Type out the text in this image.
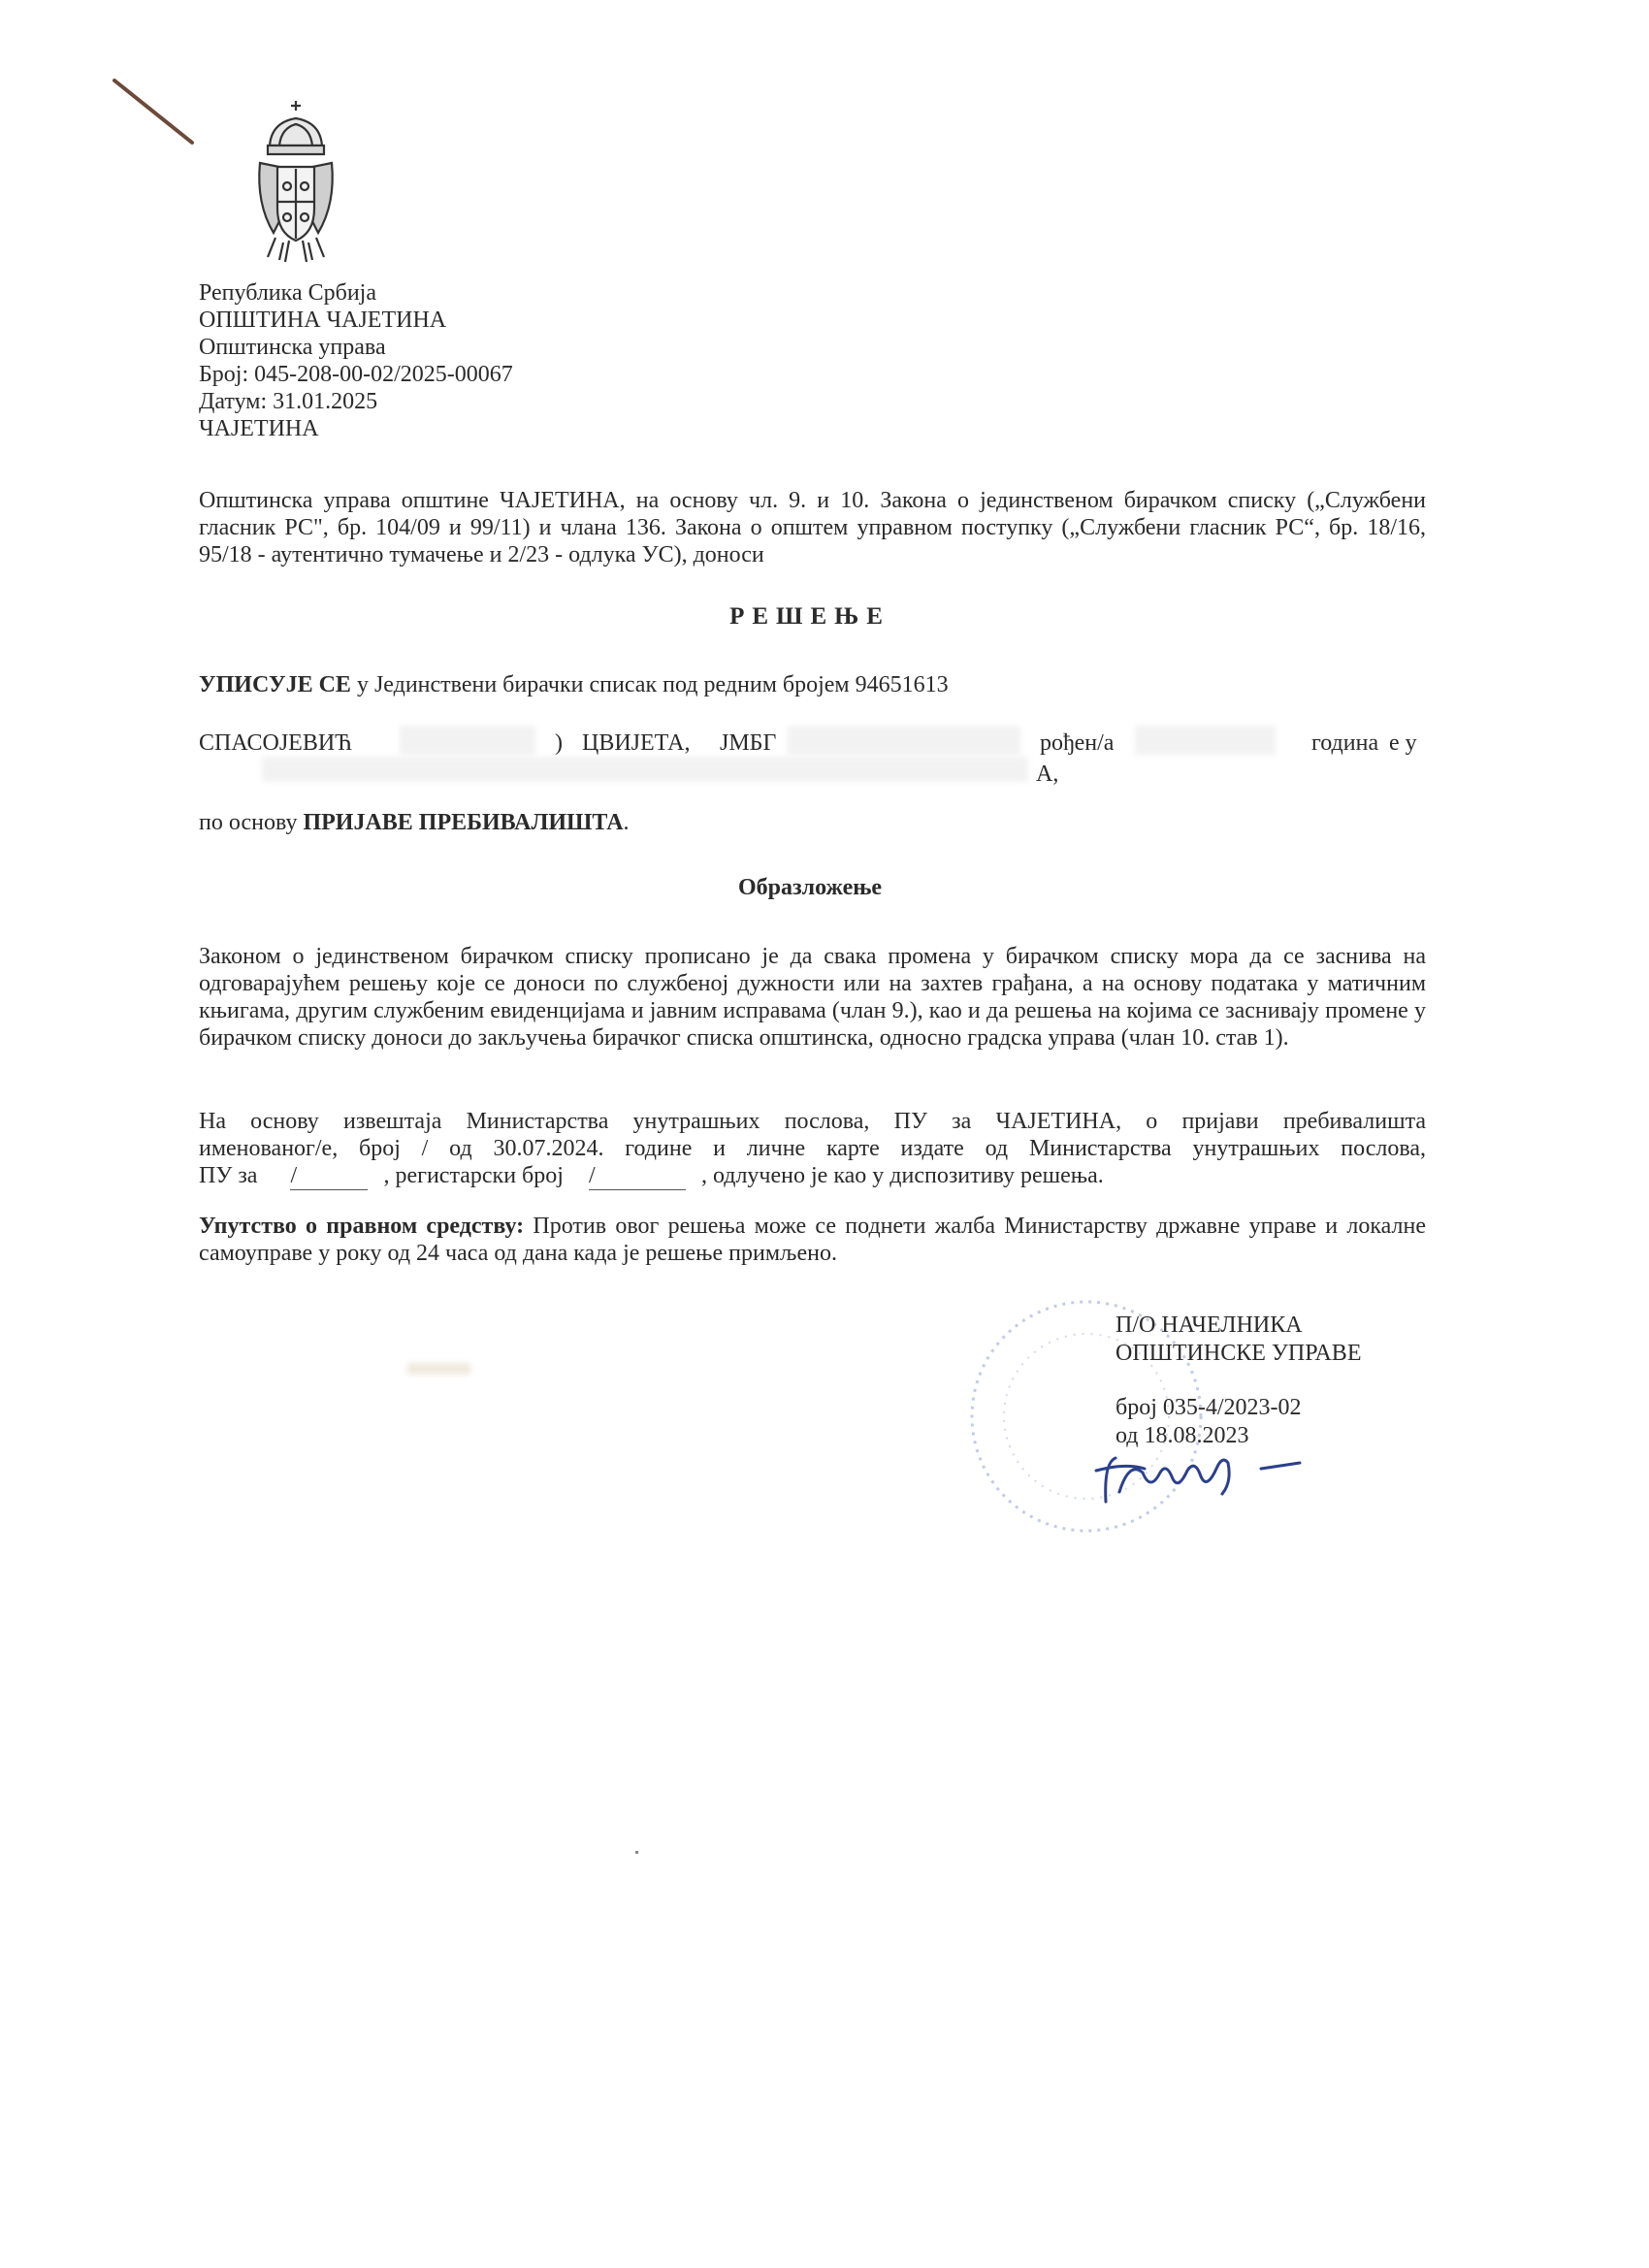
Република Србија
ОПШТИНА ЧАЈЕТИНА
Општинска управа
Број: 045-208-00-02/2025-00067
Датум: 31.01.2025
ЧАЈЕТИНА
Општинска управа општине ЧАЈЕТИНА, на основу чл. 9. и 10. Закона о јединственом бирачком списку („Службени гласник РС", бр. 104/09 и 99/11) и члана 136. Закона о општем управном поступку („Службени гласник РС“, бр. 18/16, 95/18 - аутентично тумачење и 2/23 - одлука УС), доноси
РЕШЕЊЕ
УПИСУЈЕ СЕ у Јединствени бирачки списак под редним бројем 94651613
СПАСОЈЕВИЋ	) ЦВИЈЕТА, ЈМБГ	рођен/а	година е у
А,
по основу ПРИЈАВЕ ПРЕБИВАЛИШТА.
Образложење
Законом о јединственом бирачком списку прописано је да свака промена у бирачком списку мора да се заснива на одговарајућем решењу које се доноси по службеној дужности или на захтев грађана, а на основу података у матичним књигама, другим службеним евиденцијама и јавним исправама (члан 9.), као и да решења на којима се заснивају промене у бирачком списку доноси до закључења бирачког списка општинска, односно градска управа (члан 10. став 1).
На основу извештаја Министарства унутрашњих послова, ПУ за ЧАЈЕТИНА, о пријави пребивалишта
именованог/е, број / од 30.07.2024. године и личне карте издате од Министарства унутрашњих послова,
ПУ за /	, регистарски број /	, одлучено је као у диспозитиву решења.
Упутство о правном средству: Против овог решења може се поднети жалба Министарству државне управе и локалне самоуправе у року од 24 часа од дана када је решење примљено.
П/О НАЧЕЛНИКА
ОПШТИНСКЕ УПРАВЕ
број 035-4/2023-02
од 18.08.2023
